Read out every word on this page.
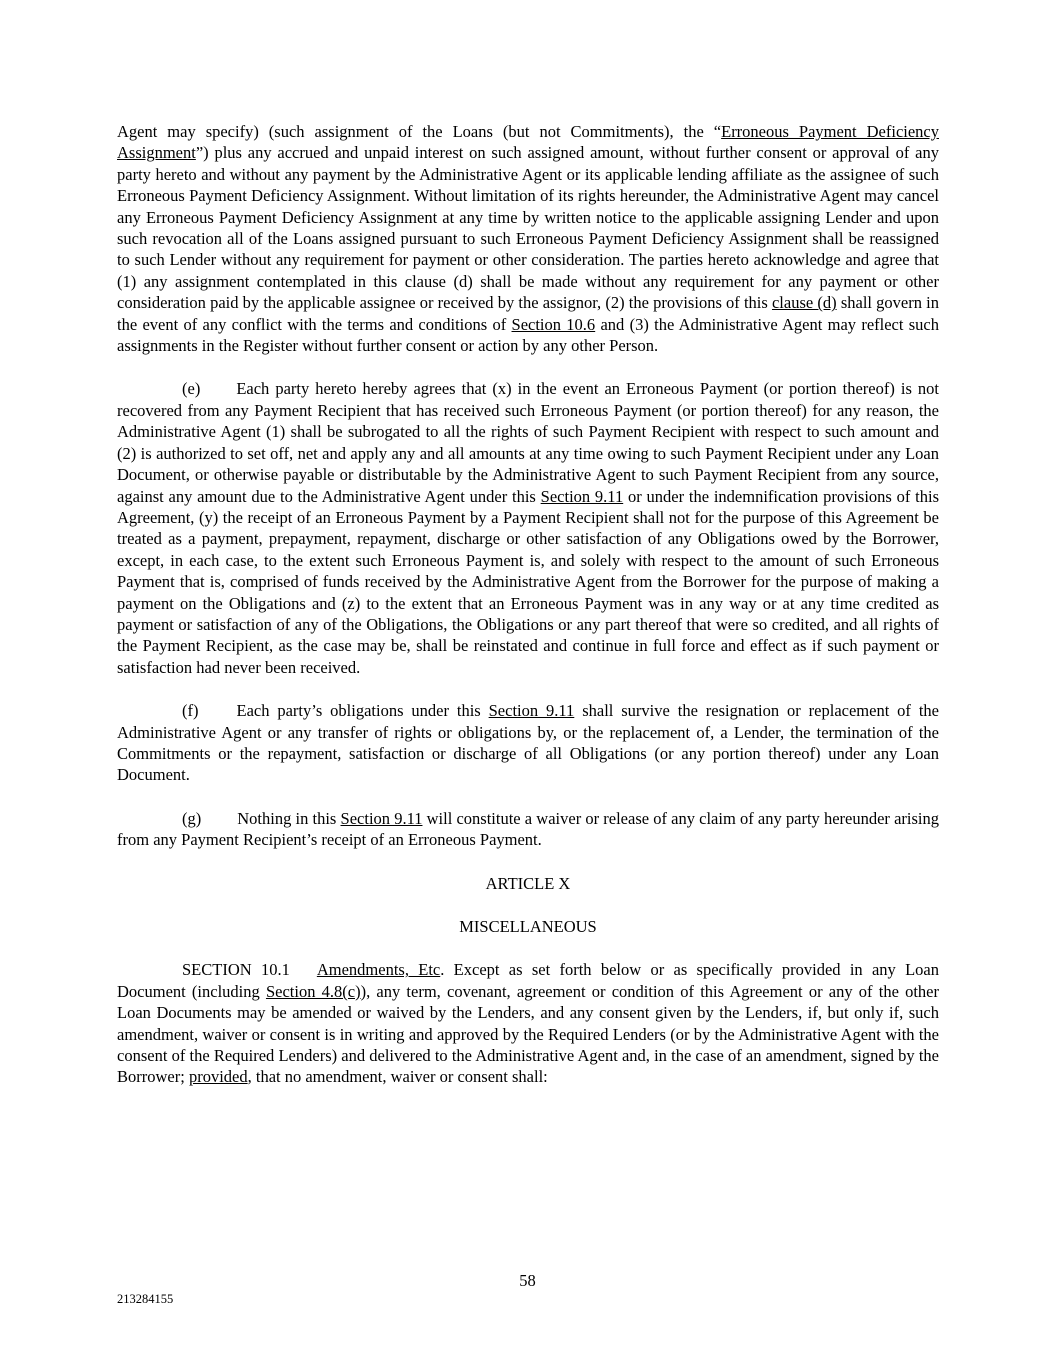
Agent may specify) (such assignment of the Loans (but not Commitments), the “Erroneous Payment Deficiency Assignment”) plus any accrued and unpaid interest on such assigned amount, without further consent or approval of any party hereto and without any payment by the Administrative Agent or its applicable lending affiliate as the assignee of such Erroneous Payment Deficiency Assignment. Without limitation of its rights hereunder, the Administrative Agent may cancel any Erroneous Payment Deficiency Assignment at any time by written notice to the applicable assigning Lender and upon such revocation all of the Loans assigned pursuant to such Erroneous Payment Deficiency Assignment shall be reassigned to such Lender without any requirement for payment or other consideration. The parties hereto acknowledge and agree that (1) any assignment contemplated in this clause (d) shall be made without any requirement for any payment or other consideration paid by the applicable assignee or received by the assignor, (2) the provisions of this clause (d) shall govern in the event of any conflict with the terms and conditions of Section 10.6 and (3) the Administrative Agent may reflect such assignments in the Register without further consent or action by any other Person.

(e) Each party hereto hereby agrees that (x) in the event an Erroneous Payment (or portion thereof) is not recovered from any Payment Recipient that has received such Erroneous Payment (or portion thereof) for any reason, the Administrative Agent (1) shall be subrogated to all the rights of such Payment Recipient with respect to such amount and (2) is authorized to set off, net and apply any and all amounts at any time owing to such Payment Recipient under any Loan Document, or otherwise payable or distributable by the Administrative Agent to such Payment Recipient from any source, against any amount due to the Administrative Agent under this Section 9.11 or under the indemnification provisions of this Agreement, (y) the receipt of an Erroneous Payment by a Payment Recipient shall not for the purpose of this Agreement be treated as a payment, prepayment, repayment, discharge or other satisfaction of any Obligations owed by the Borrower, except, in each case, to the extent such Erroneous Payment is, and solely with respect to the amount of such Erroneous Payment that is, comprised of funds received by the Administrative Agent from the Borrower for the purpose of making a payment on the Obligations and (z) to the extent that an Erroneous Payment was in any way or at any time credited as payment or satisfaction of any of the Obligations, the Obligations or any part thereof that were so credited, and all rights of the Payment Recipient, as the case may be, shall be reinstated and continue in full force and effect as if such payment or satisfaction had never been received.

(f) Each party’s obligations under this Section 9.11 shall survive the resignation or replacement of the Administrative Agent or any transfer of rights or obligations by, or the replacement of, a Lender, the termination of the Commitments or the repayment, satisfaction or discharge of all Obligations (or any portion thereof) under any Loan Document.

(g) Nothing in this Section 9.11 will constitute a waiver or release of any claim of any party hereunder arising from any Payment Recipient’s receipt of an Erroneous Payment.

ARTICLE X
MISCELLANEOUS

SECTION 10.1 Amendments, Etc. Except as set forth below or as specifically provided in any Loan Document (including Section 4.8(c)), any term, covenant, agreement or condition of this Agreement or any of the other Loan Documents may be amended or waived by the Lenders, and any consent given by the Lenders, if, but only if, such amendment, waiver or consent is in writing and approved by the Required Lenders (or by the Administrative Agent with the consent of the Required Lenders) and delivered to the Administrative Agent and, in the case of an amendment, signed by the Borrower; provided, that no amendment, waiver or consent shall:

58
213284155
